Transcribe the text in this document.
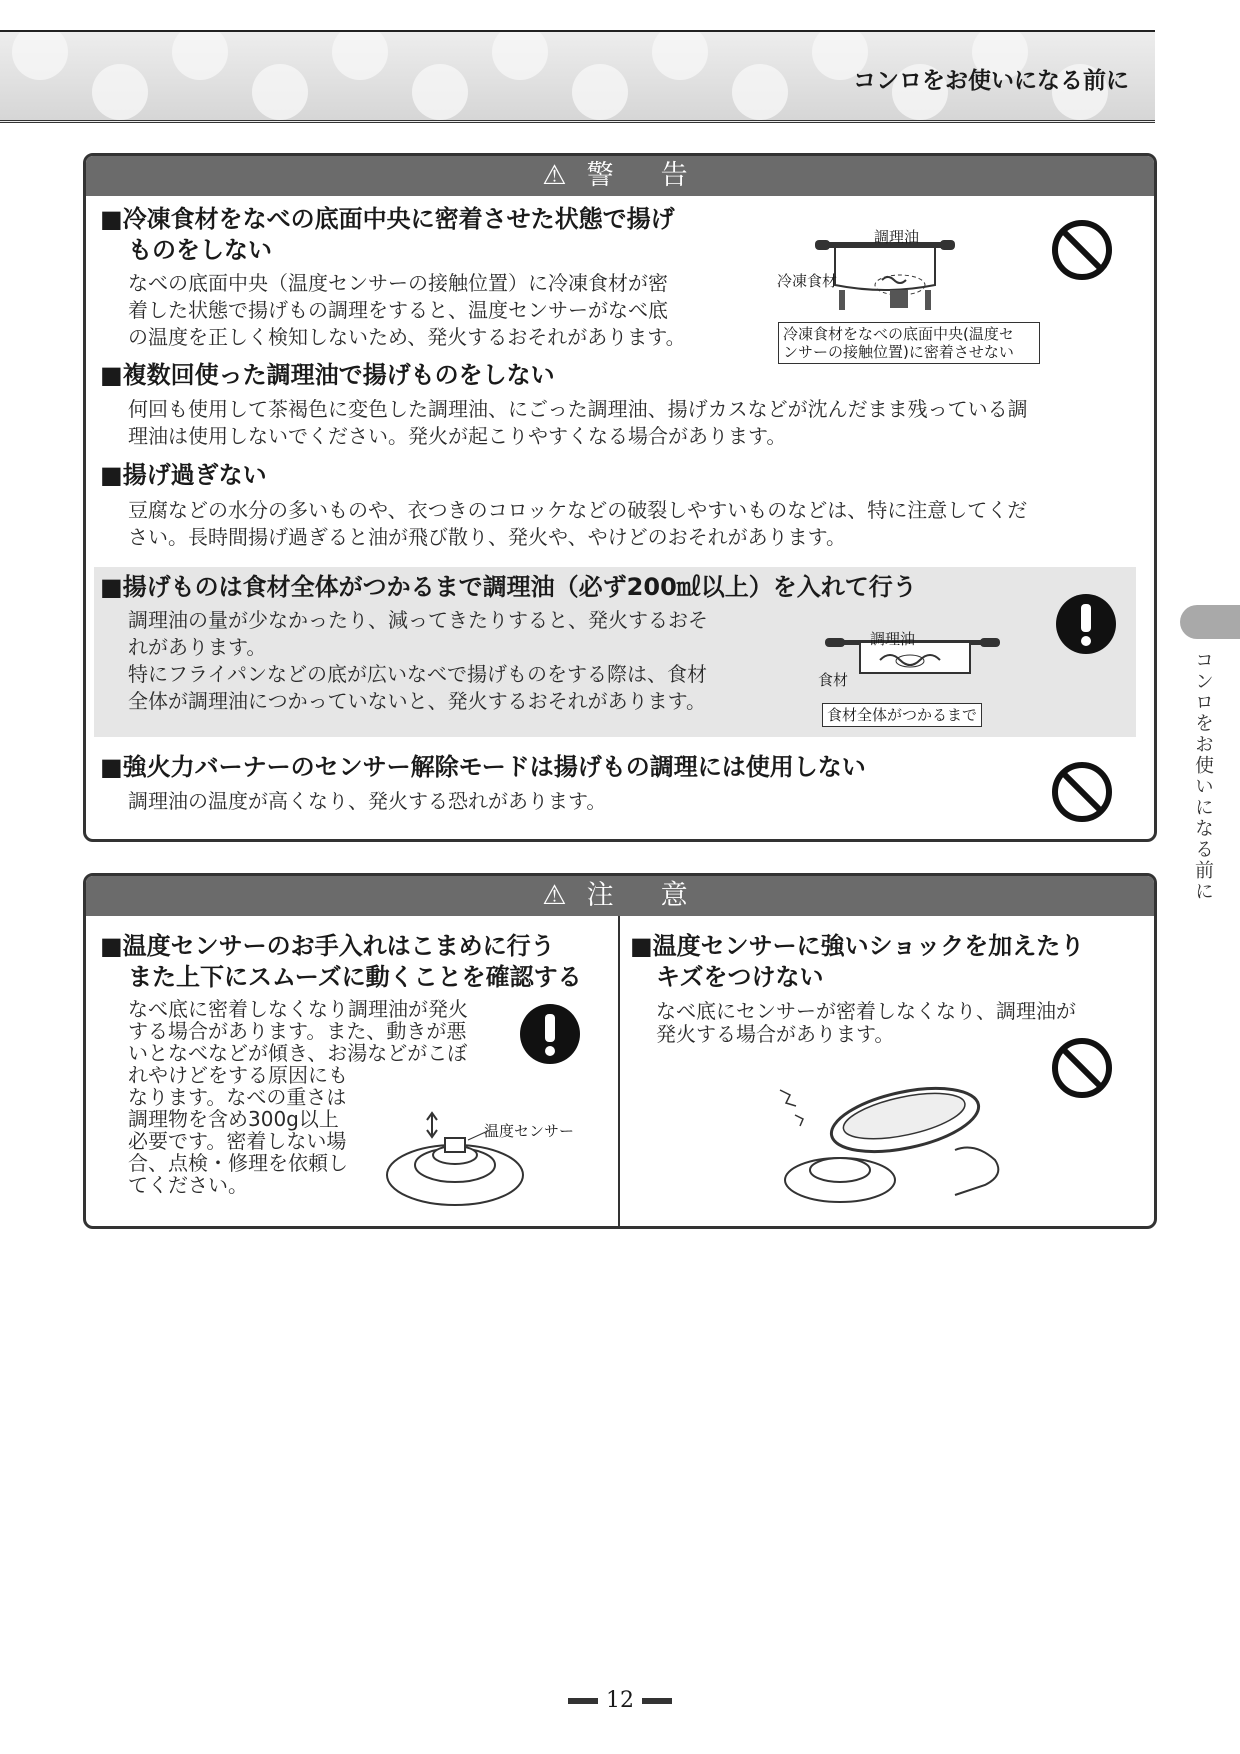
コンロをお使いになる前に
⚠ 警　告
■冷凍食材をなべの底面中央に密着させた状態で揚げ
ものをしない
なべの底面中央（温度センサーの接触位置）に冷凍食材が密
着した状態で揚げもの調理をすると、温度センサーがなべ底
の温度を正しく検知しないため、発火するおそれがあります。
調理油
冷凍食材
冷凍食材をなべの底面中央(温度セ
ンサーの接触位置)に密着させない
■複数回使った調理油で揚げものをしない
何回も使用して茶褐色に変色した調理油、にごった調理油、揚げカスなどが沈んだまま残っている調
理油は使用しないでください。発火が起こりやすくなる場合があります。
■揚げ過ぎない
豆腐などの水分の多いものや、衣つきのコロッケなどの破裂しやすいものなどは、特に注意してくだ
さい。長時間揚げ過ぎると油が飛び散り、発火や、やけどのおそれがあります。
■揚げものは食材全体がつかるまで調理油（必ず200㎖以上）を入れて行う
調理油の量が少なかったり、減ってきたりすると、発火するおそ
れがあります。
特にフライパンなどの底が広いなべで揚げものをする際は、食材
全体が調理油につかっていないと、発火するおそれがあります。
調理油
食材
食材全体がつかるまで
■強火力バーナーのセンサー解除モードは揚げもの調理には使用しない
調理油の温度が高くなり、発火する恐れがあります。
⚠ 注　意
■温度センサーのお手入れはこまめに行う
また上下にスムーズに動くことを確認する
なべ底に密着しなくなり調理油が発火
する場合があります。また、動きが悪
いとなべなどが傾き、お湯などがこぼ
れやけどをする原因にも
なります。なべの重さは
調理物を含め300g以上
必要です。密着しない場
合、点検・修理を依頼し
てください。
温度センサー
■温度センサーに強いショックを加えたり
キズをつけない
なべ底にセンサーが密着しなくなり、調理油が
発火する場合があります。
コンロをお使いになる前に
12
